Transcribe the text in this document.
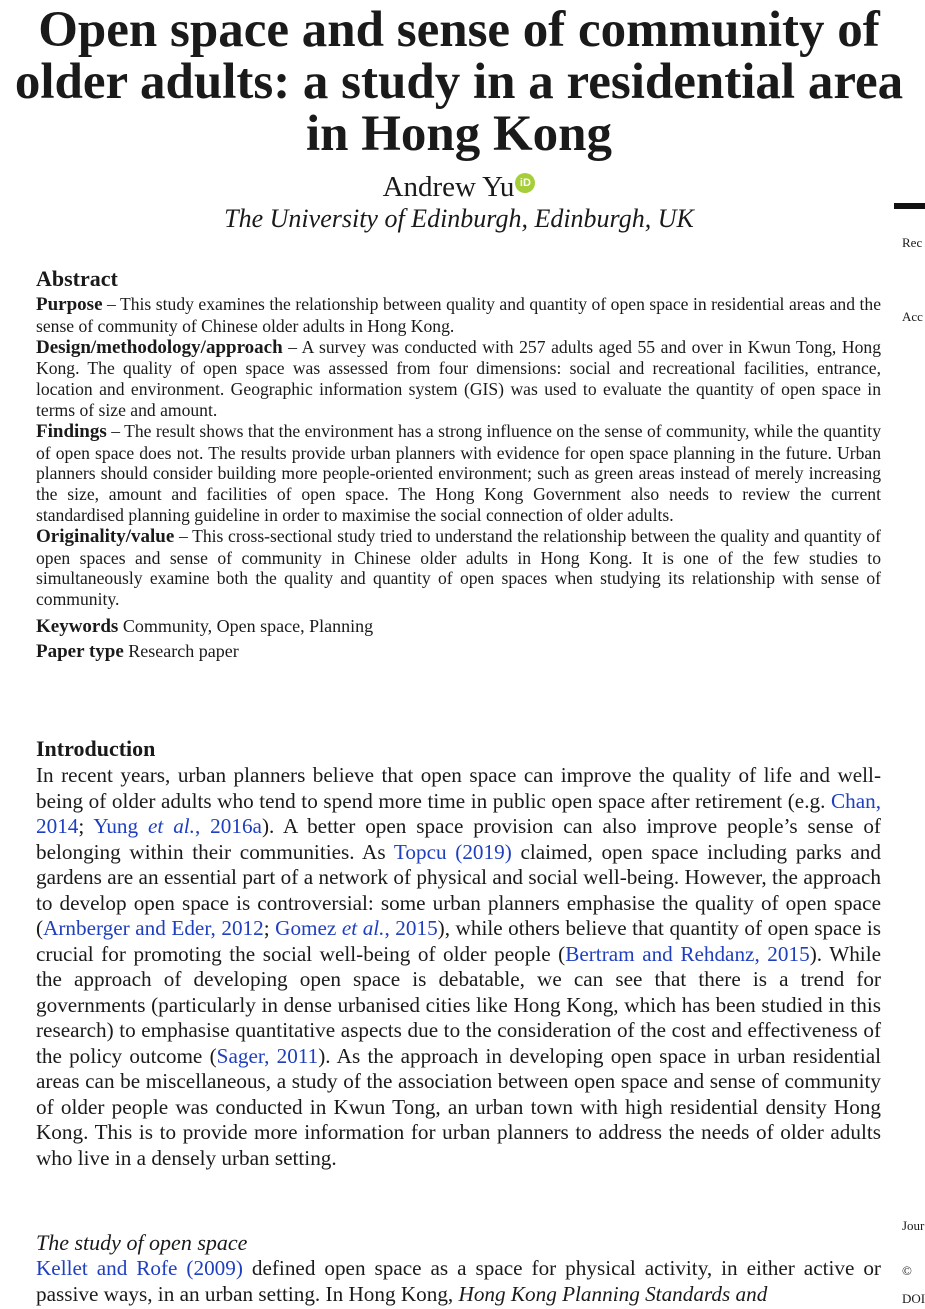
Open space and sense of community of older adults: a study in a residential area in Hong Kong
Andrew Yu iD
The University of Edinburgh, Edinburgh, UK
Rec
Acc
Jour
©
DOI
Abstract

Purpose – This study examines the relationship between quality and quantity of open space in residential areas and the sense of community of Chinese older adults in Hong Kong.

Design/methodology/approach – A survey was conducted with 257 adults aged 55 and over in Kwun Tong, Hong Kong. The quality of open space was assessed from four dimensions: social and recreational facilities, entrance, location and environment. Geographic information system (GIS) was used to evaluate the quantity of open space in terms of size and amount.

Findings – The result shows that the environment has a strong influence on the sense of community, while the quantity of open space does not. The results provide urban planners with evidence for open space planning in the future. Urban planners should consider building more people-oriented environment; such as green areas instead of merely increasing the size, amount and facilities of open space. The Hong Kong Government also needs to review the current standardised planning guideline in order to maximise the social connection of older adults.

Originality/value – This cross-sectional study tried to understand the relationship between the quality and quantity of open spaces and sense of community in Chinese older adults in Hong Kong. It is one of the few studies to simultaneously examine both the quality and quantity of open spaces when studying its relationship with sense of community.

Keywords Community, Open space, Planning

Paper type Research paper

Introduction

In recent years, urban planners believe that open space can improve the quality of life and well-being of older adults who tend to spend more time in public open space after retirement (e.g. Chan, 2014; Yung et al., 2016a). A better open space provision can also improve people’s sense of belonging within their communities. As Topcu (2019) claimed, open space including parks and gardens are an essential part of a network of physical and social well-being. However, the approach to develop open space is controversial: some urban planners emphasise the quality of open space (Arnberger and Eder, 2012; Gomez et al., 2015), while others believe that quantity of open space is crucial for promoting the social well-being of older people (Bertram and Rehdanz, 2015). While the approach of developing open space is debatable, we can see that there is a trend for governments (particularly in dense urbanised cities like Hong Kong, which has been studied in this research) to emphasise quantitative aspects due to the consideration of the cost and effectiveness of the policy outcome (Sager, 2011). As the approach in developing open space in urban residential areas can be miscellaneous, a study of the association between open space and sense of community of older people was conducted in Kwun Tong, an urban town with high residential density Hong Kong. This is to provide more information for urban planners to address the needs of older adults who live in a densely urban setting.

The study of open space

Kellet and Rofe (2009) defined open space as a space for physical activity, in either active or passive ways, in an urban setting. In Hong Kong, Hong Kong Planning Standards and
